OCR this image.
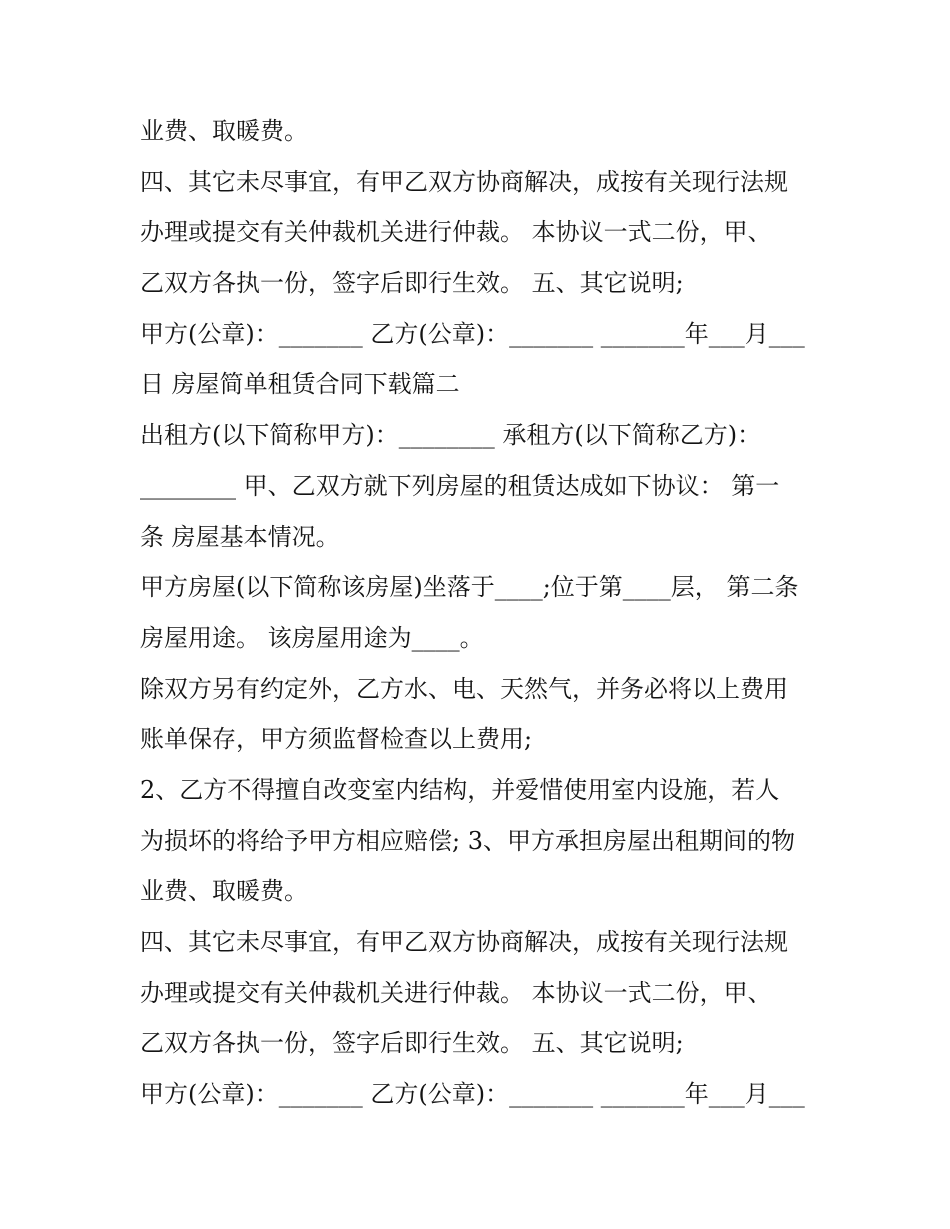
业费、取暖费。
四、其它未尽事宜，有甲乙双方协商解决，成按有关现行法规
办理或提交有关仲裁机关进行仲裁。 本协议一式二份，甲、
乙双方各执一份，签字后即行生效。 五、其它说明;
甲方(公章)：_______ 乙方(公章)：_______ _______年___月___
日 房屋简单租赁合同下载篇二
出租方(以下简称甲方)：________ 承租方(以下简称乙方)：
________ 甲、乙双方就下列房屋的租赁达成如下协议： 第一
条 房屋基本情况。
甲方房屋(以下简称该房屋)坐落于____;位于第____层， 第二条
房屋用途。 该房屋用途为____。
除双方另有约定外，乙方水、电、天然气，并务必将以上费用
账单保存，甲方须监督检查以上费用;
2、乙方不得擅自改变室内结构，并爱惜使用室内设施，若人
为损坏的将给予甲方相应赔偿; 3、甲方承担房屋出租期间的物
业费、取暖费。
四、其它未尽事宜，有甲乙双方协商解决，成按有关现行法规
办理或提交有关仲裁机关进行仲裁。 本协议一式二份，甲、
乙双方各执一份，签字后即行生效。 五、其它说明;
甲方(公章)：_______ 乙方(公章)：_______ _______年___月___
